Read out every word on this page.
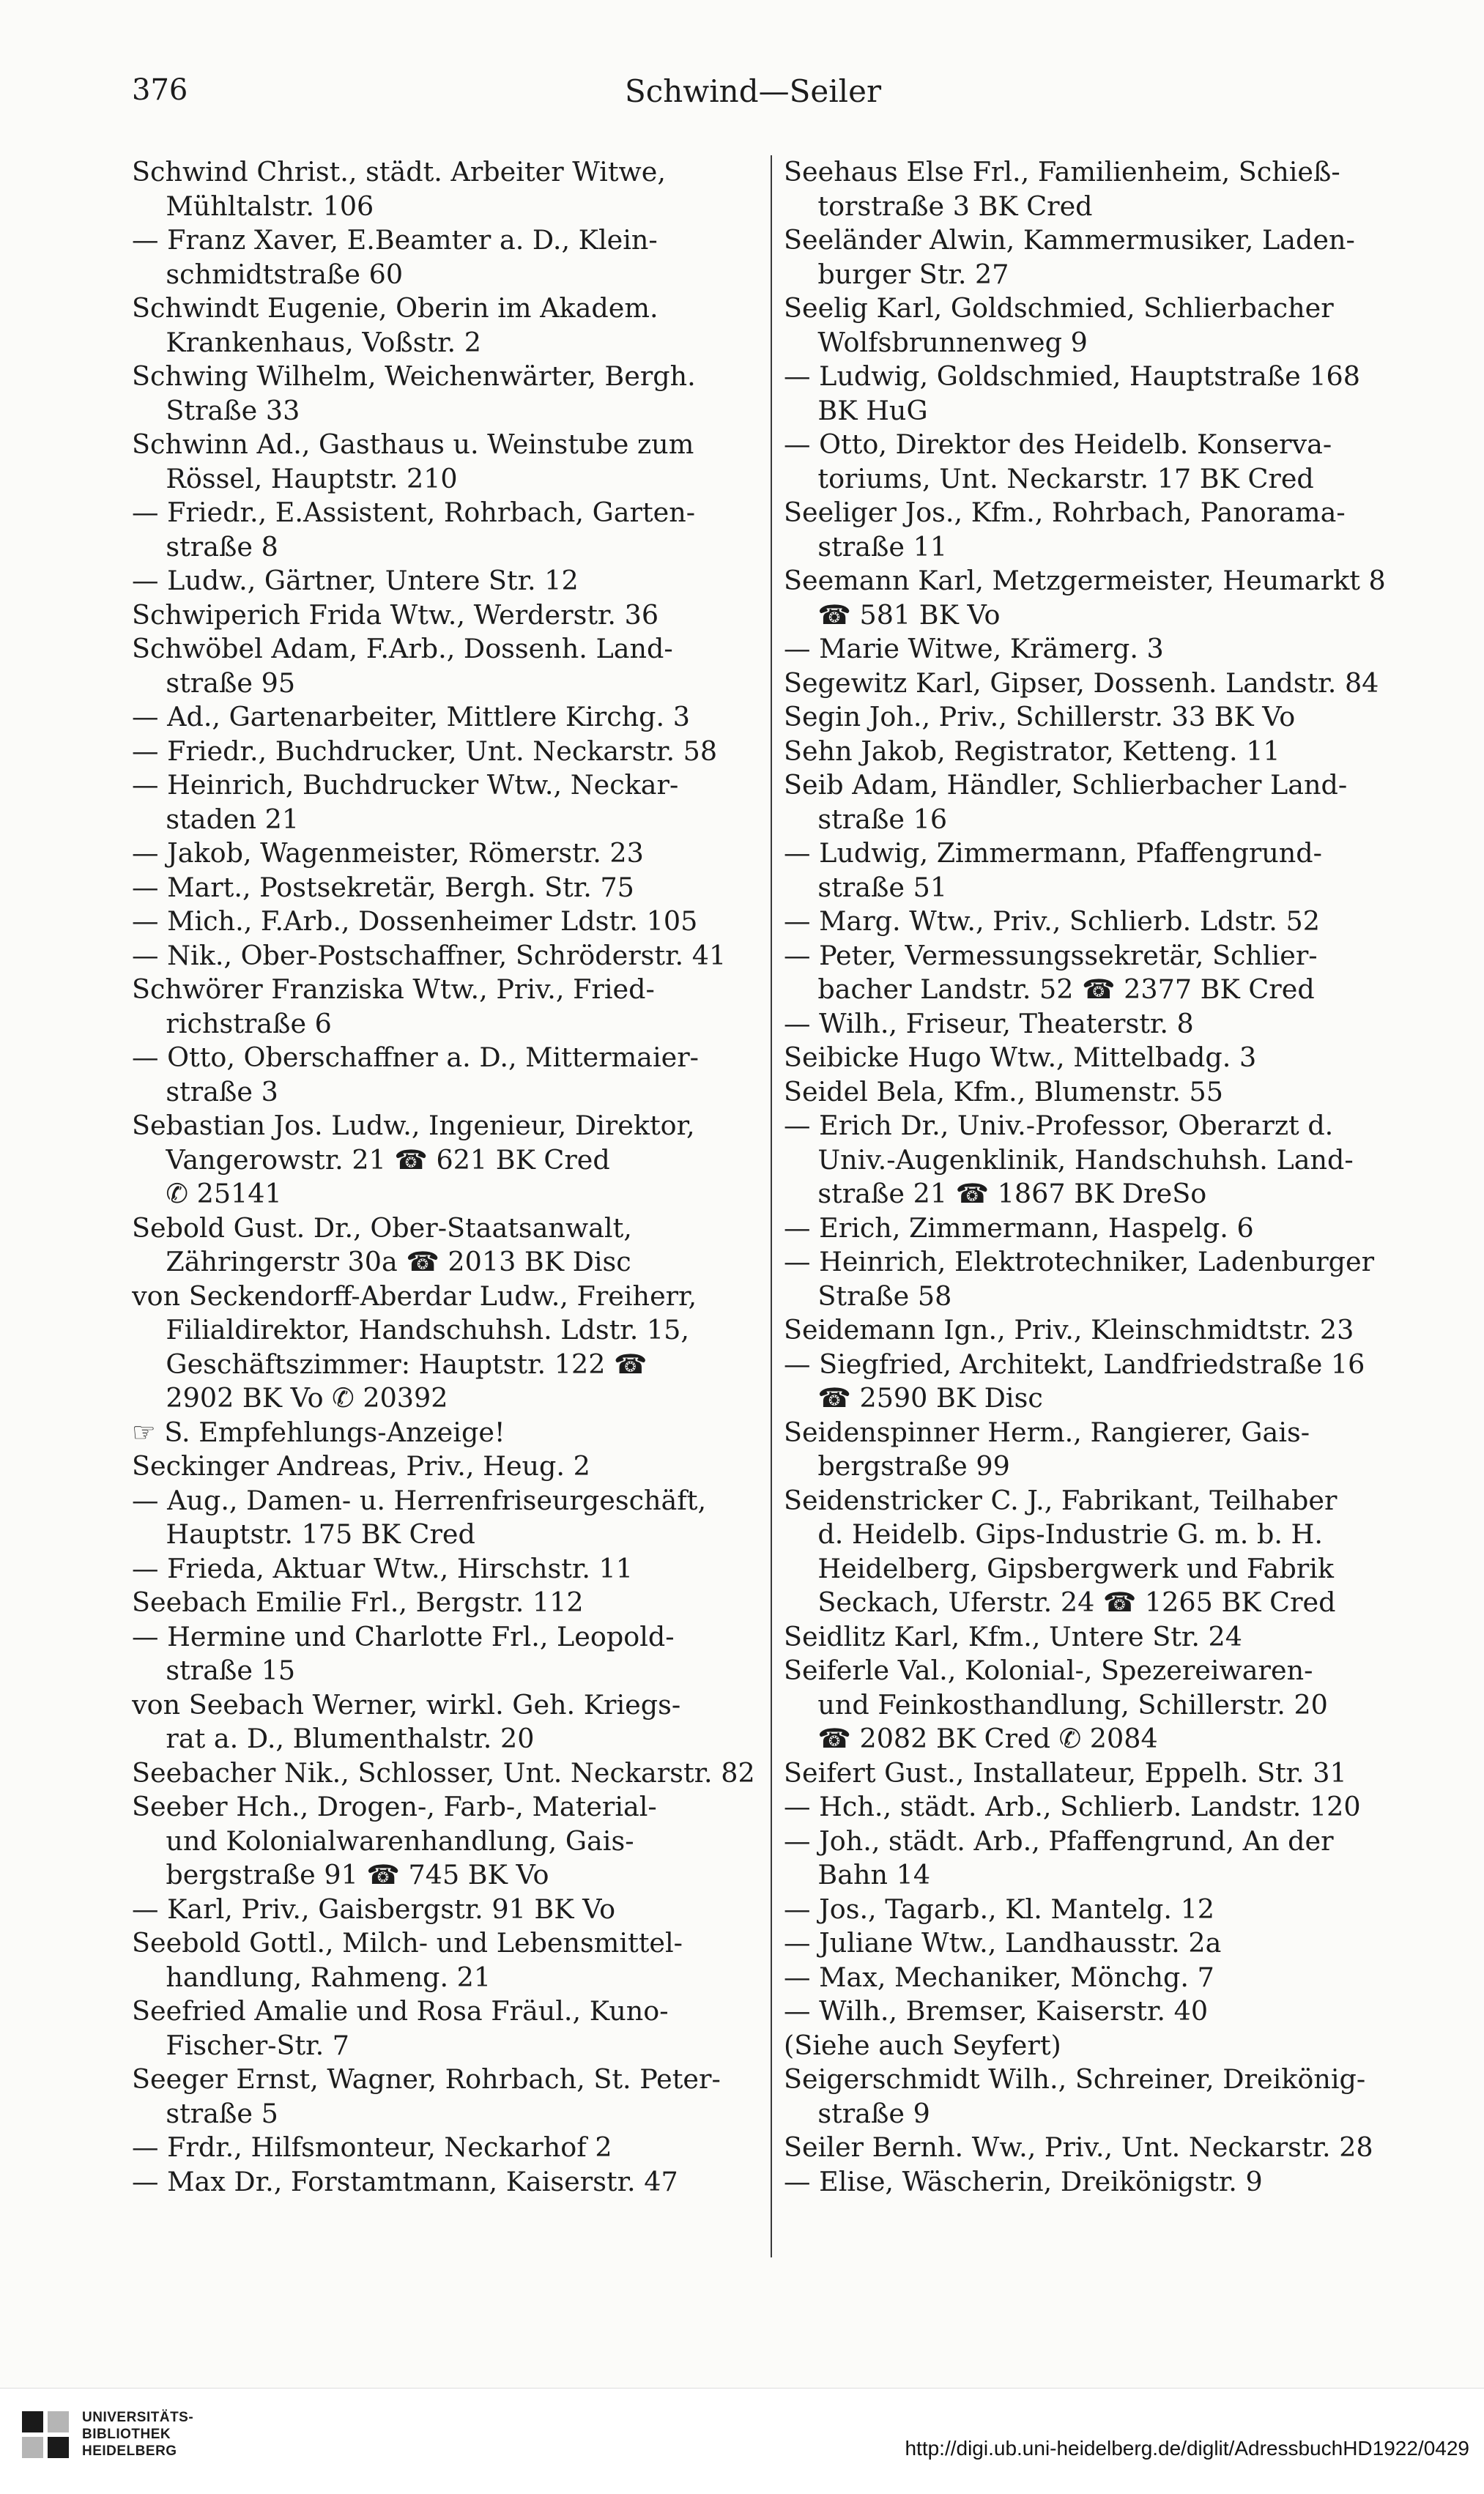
376	Schwind—Seiler
Schwind Christ., städt. Arbeiter Witwe,
Mühltalstr. 106
— Franz Xaver, E.Beamter a. D., Klein-
schmidtstraße 60
Schwindt Eugenie, Oberin im Akadem.
Krankenhaus, Voßstr. 2
Schwing Wilhelm, Weichenwärter, Bergh.
Straße 33
Schwinn Ad., Gasthaus u. Weinstube zum
Rössel, Hauptstr. 210
— Friedr., E.Assistent, Rohrbach, Garten-
straße 8
— Ludw., Gärtner, Untere Str. 12
Schwiperich Frida Wtw., Werderstr. 36
Schwöbel Adam, F.Arb., Dossenh. Land-
straße 95
— Ad., Gartenarbeiter, Mittlere Kirchg. 3
— Friedr., Buchdrucker, Unt. Neckarstr. 58
— Heinrich, Buchdrucker Wtw., Neckar-
staden 21
— Jakob, Wagenmeister, Römerstr. 23
— Mart., Postsekretär, Bergh. Str. 75
— Mich., F.Arb., Dossenheimer Ldstr. 105
— Nik., Ober-Postschaffner, Schröderstr. 41
Schwörer Franziska Wtw., Priv., Fried-
richstraße 6
— Otto, Oberschaffner a. D., Mittermaier-
straße 3
Sebastian Jos. Ludw., Ingenieur, Direktor,
Vangerowstr. 21 ☎ 621 BK Cred
✆ 25141
Sebold Gust. Dr., Ober-Staatsanwalt,
Zähringerstr 30a ☎ 2013 BK Disc
von Seckendorff-Aberdar Ludw., Freiherr,
Filialdirektor, Handschuhsh. Ldstr. 15,
Geschäftszimmer: Hauptstr. 122 ☎
2902 BK Vo ✆ 20392
☞ S. Empfehlungs-Anzeige!
Seckinger Andreas, Priv., Heug. 2
— Aug., Damen- u. Herrenfriseurgeschäft,
Hauptstr. 175 BK Cred
— Frieda, Aktuar Wtw., Hirschstr. 11
Seebach Emilie Frl., Bergstr. 112
— Hermine und Charlotte Frl., Leopold-
straße 15
von Seebach Werner, wirkl. Geh. Kriegs-
rat a. D., Blumenthalstr. 20
Seebacher Nik., Schlosser, Unt. Neckarstr. 82
Seeber Hch., Drogen-, Farb-, Material-
und Kolonialwarenhandlung, Gais-
bergstraße 91 ☎ 745 BK Vo
— Karl, Priv., Gaisbergstr. 91 BK Vo
Seebold Gottl., Milch- und Lebensmittel-
handlung, Rahmeng. 21
Seefried Amalie und Rosa Fräul., Kuno-
Fischer-Str. 7
Seeger Ernst, Wagner, Rohrbach, St. Peter-
straße 5
— Frdr., Hilfsmonteur, Neckarhof 2
— Max Dr., Forstamtmann, Kaiserstr. 47
Seehaus Else Frl., Familienheim, Schieß-
torstraße 3 BK Cred
Seeländer Alwin, Kammermusiker, Laden-
burger Str. 27
Seelig Karl, Goldschmied, Schlierbacher
Wolfsbrunnenweg 9
— Ludwig, Goldschmied, Hauptstraße 168
BK HuG
— Otto, Direktor des Heidelb. Konserva-
toriums, Unt. Neckarstr. 17 BK Cred
Seeliger Jos., Kfm., Rohrbach, Panorama-
straße 11
Seemann Karl, Metzgermeister, Heumarkt 8
☎ 581 BK Vo
— Marie Witwe, Krämerg. 3
Segewitz Karl, Gipser, Dossenh. Landstr. 84
Segin Joh., Priv., Schillerstr. 33 BK Vo
Sehn Jakob, Registrator, Ketteng. 11
Seib Adam, Händler, Schlierbacher Land-
straße 16
— Ludwig, Zimmermann, Pfaffengrund-
straße 51
— Marg. Wtw., Priv., Schlierb. Ldstr. 52
— Peter, Vermessungssekretär, Schlier-
bacher Landstr. 52 ☎ 2377 BK Cred
— Wilh., Friseur, Theaterstr. 8
Seibicke Hugo Wtw., Mittelbadg. 3
Seidel Bela, Kfm., Blumenstr. 55
— Erich Dr., Univ.-Professor, Oberarzt d.
Univ.-Augenklinik, Handschuhsh. Land-
straße 21 ☎ 1867 BK DreSo
— Erich, Zimmermann, Haspelg. 6
— Heinrich, Elektrotechniker, Ladenburger
Straße 58
Seidemann Ign., Priv., Kleinschmidtstr. 23
— Siegfried, Architekt, Landfriedstraße 16
☎ 2590 BK Disc
Seidenspinner Herm., Rangierer, Gais-
bergstraße 99
Seidenstricker C. J., Fabrikant, Teilhaber
d. Heidelb. Gips-Industrie G. m. b. H.
Heidelberg, Gipsbergwerk und Fabrik
Seckach, Uferstr. 24 ☎ 1265 BK Cred
Seidlitz Karl, Kfm., Untere Str. 24
Seiferle Val., Kolonial-, Spezereiwaren-
und Feinkosthandlung, Schillerstr. 20
☎ 2082 BK Cred ✆ 2084
Seifert Gust., Installateur, Eppelh. Str. 31
— Hch., städt. Arb., Schlierb. Landstr. 120
— Joh., städt. Arb., Pfaffengrund, An der
Bahn 14
— Jos., Tagarb., Kl. Mantelg. 12
— Juliane Wtw., Landhausstr. 2a
— Max, Mechaniker, Mönchg. 7
— Wilh., Bremser, Kaiserstr. 40
(Siehe auch Seyfert)
Seigerschmidt Wilh., Schreiner, Dreikönig-
straße 9
Seiler Bernh. Ww., Priv., Unt. Neckarstr. 28
— Elise, Wäscherin, Dreikönigstr. 9
UNIVERSITÄTS-
BIBLIOTHEK
HEIDELBERG	http://digi.ub.uni-heidelberg.de/diglit/AdressbuchHD1922/0429
